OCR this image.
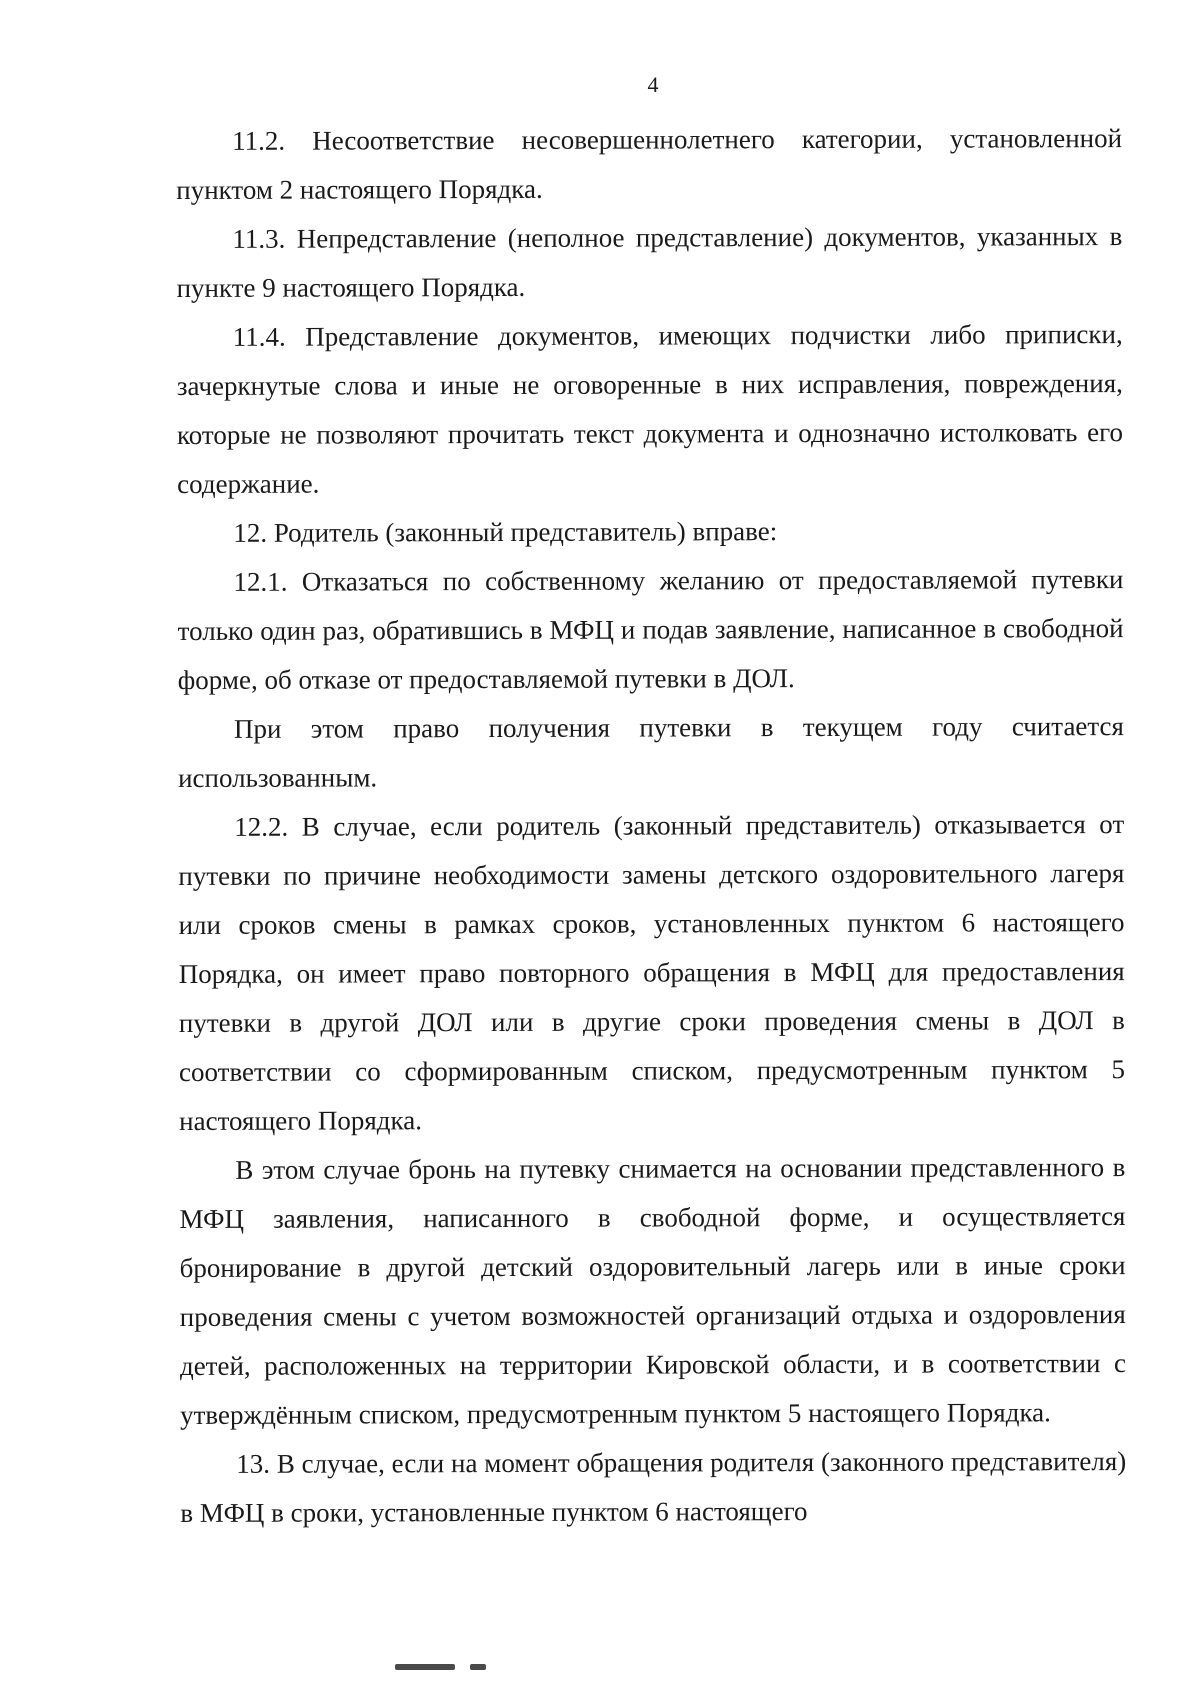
4

11.2. Несоответствие несовершеннолетнего категории, установленной пунктом 2 настоящего Порядка.

11.3. Непредставление (неполное представление) документов, указанных в пункте 9 настоящего Порядка.

11.4. Представление документов, имеющих подчистки либо приписки, зачеркнутые слова и иные не оговоренные в них исправления, повреждения, которые не позволяют прочитать текст документа и однозначно истолковать его содержание.

12. Родитель (законный представитель) вправе:

12.1. Отказаться по собственному желанию от предоставляемой путевки только один раз, обратившись в МФЦ и подав заявление, написанное в свободной форме, об отказе от предоставляемой путевки в ДОЛ.

При этом право получения путевки в текущем году считается использованным.

12.2. В случае, если родитель (законный представитель) отказывается от путевки по причине необходимости замены детского оздоровительного лагеря или сроков смены в рамках сроков, установленных пунктом 6 настоящего Порядка, он имеет право повторного обращения в МФЦ для предоставления путевки в другой ДОЛ или в другие сроки проведения смены в ДОЛ в соответствии со сформированным списком, предусмотренным пунктом 5 настоящего Порядка.

В этом случае бронь на путевку снимается на основании представленного в МФЦ заявления, написанного в свободной форме, и осуществляется бронирование в другой детский оздоровительный лагерь или в иные сроки проведения смены с учетом возможностей организаций отдыха и оздоровления детей, расположенных на территории Кировской области, и в соответствии с утверждённым списком, предусмотренным пунктом 5 настоящего Порядка.

13. В случае, если на момент обращения родителя (законного представителя) в МФЦ в сроки, установленные пунктом 6 настоящего
